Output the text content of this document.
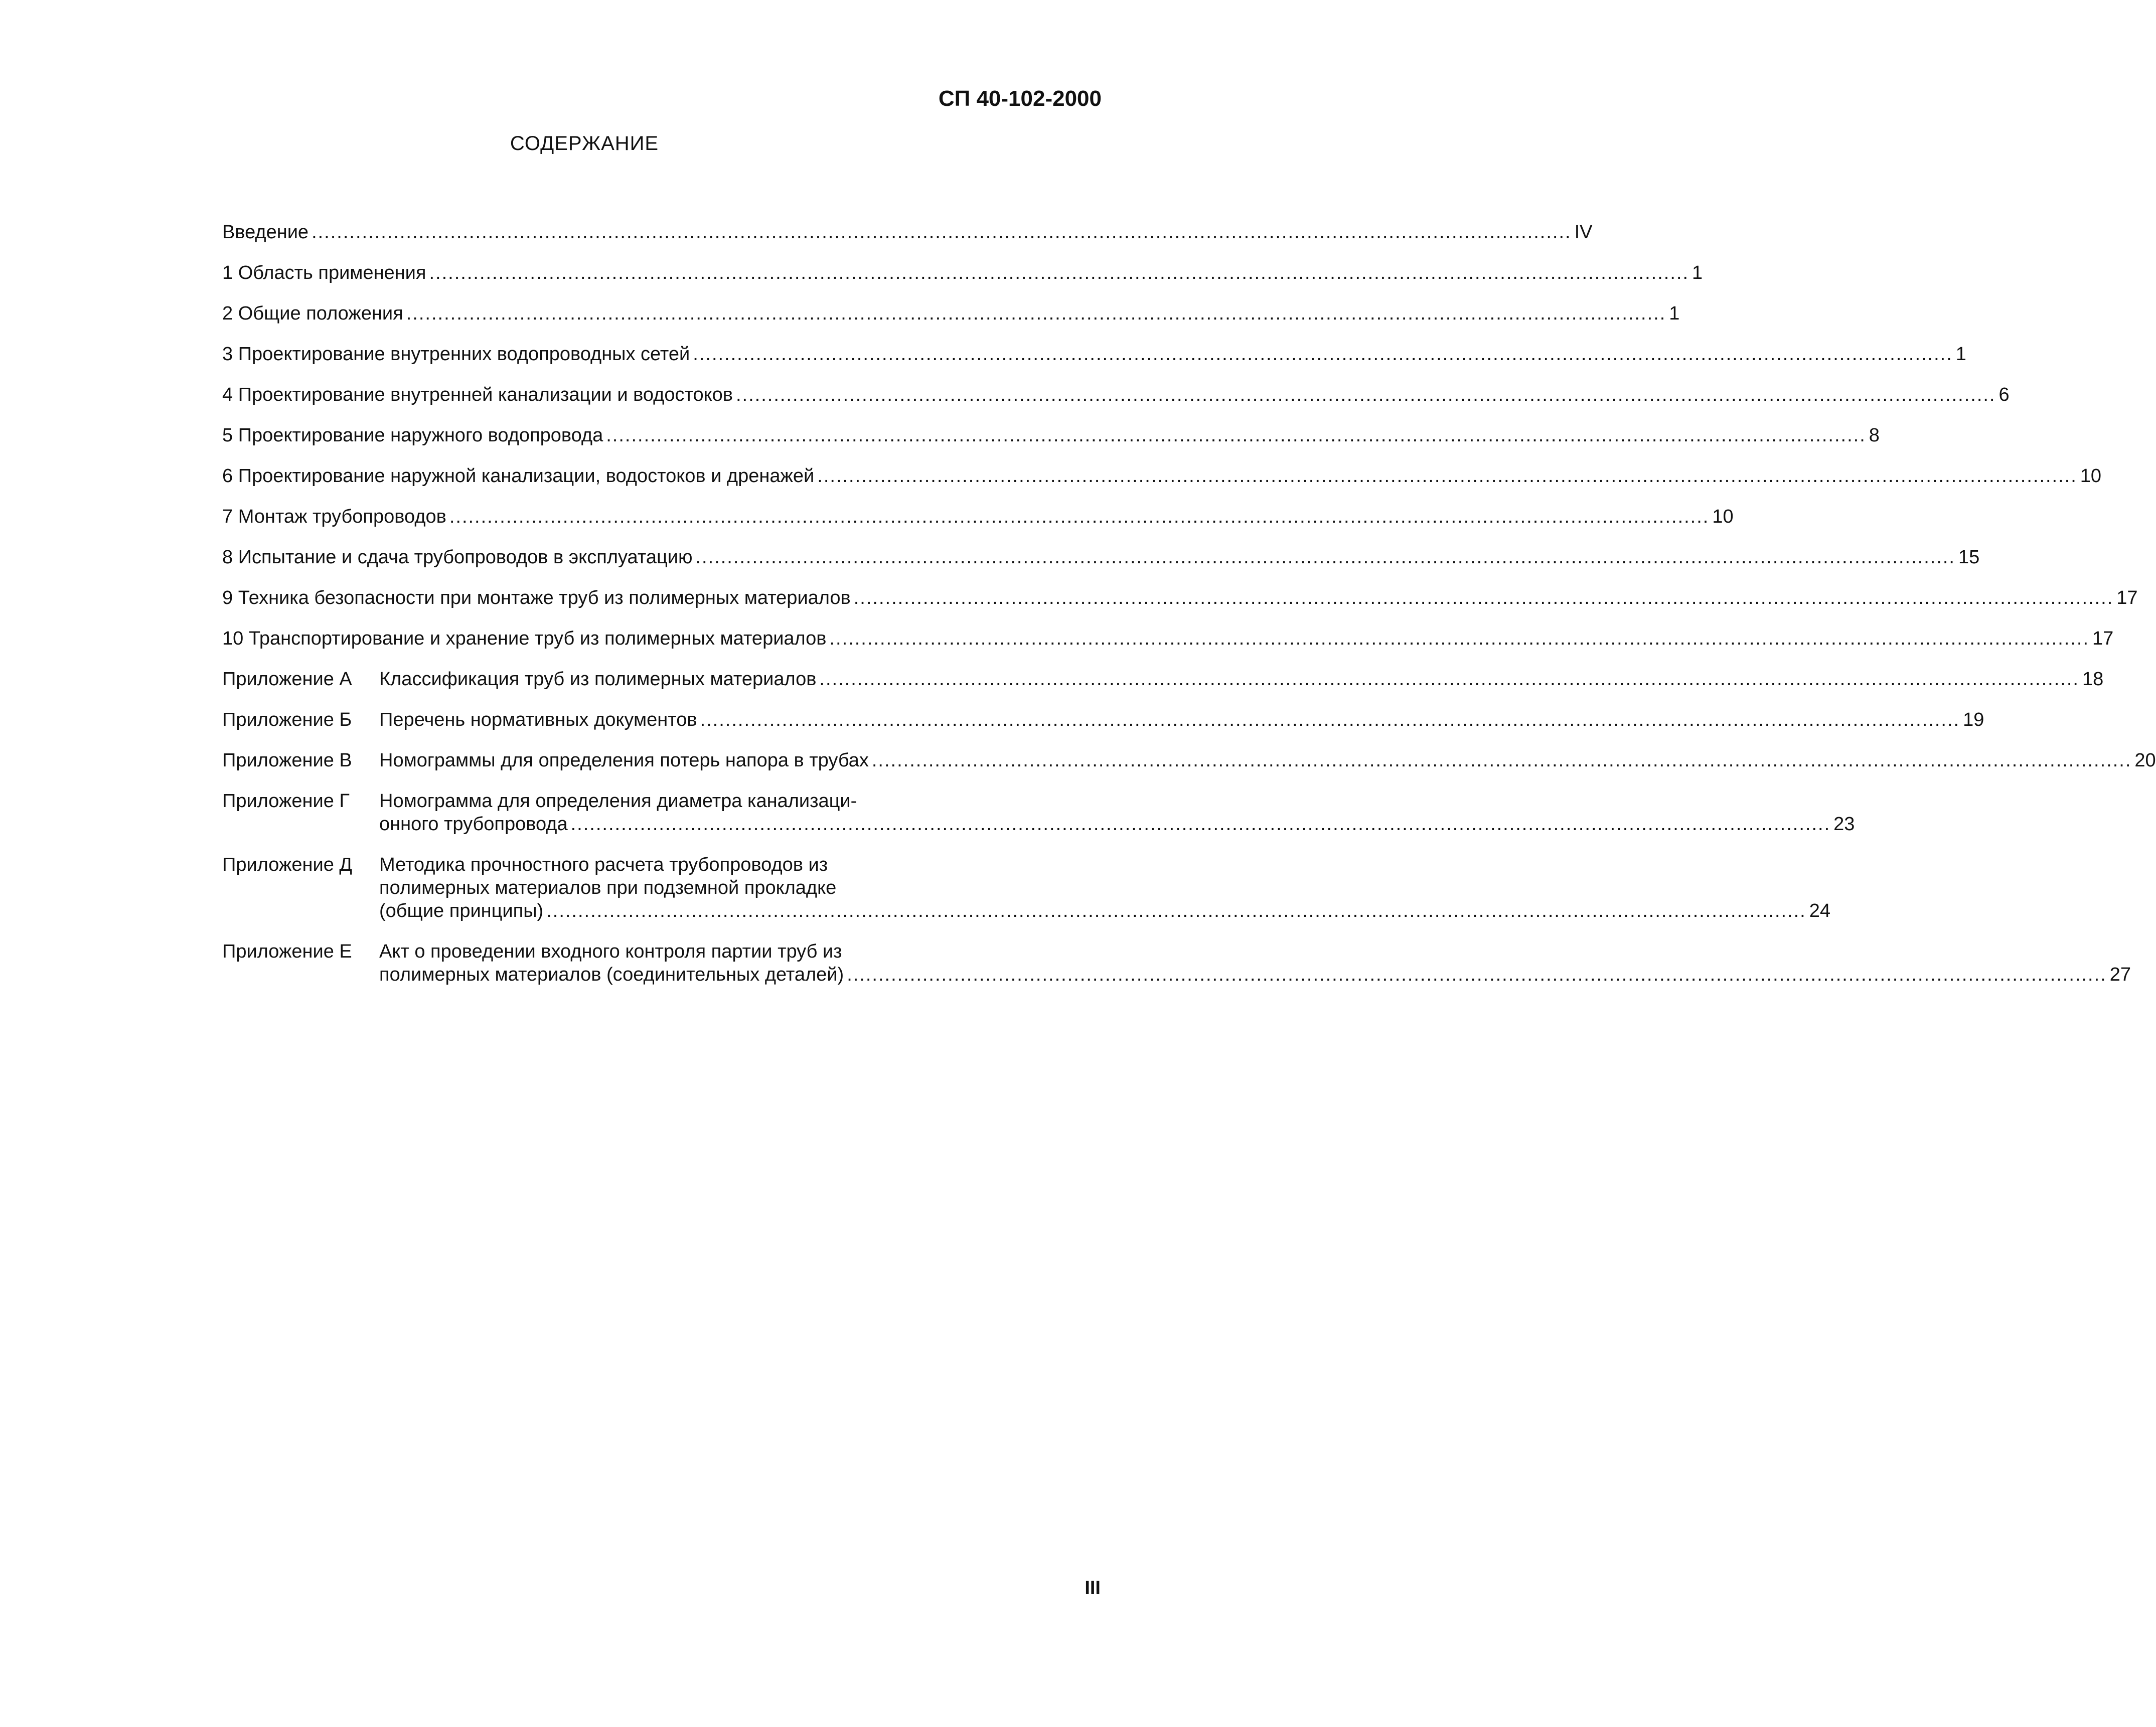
СП 40-102-2000
СОДЕРЖАНИЕ
Введение .....	IV
1 Область применения .....	1
2 Общие положения .....	1
3 Проектирование внутренних водопроводных сетей .....	1
4 Проектирование внутренней канализации и водостоков .....	6
5 Проектирование наружного водопровода .....	8
6 Проектирование наружной канализации, водостоков и дренажей .....	10
7 Монтаж трубопроводов .....	10
8 Испытание и сдача трубопроводов в эксплуатацию .....	15
9 Техника безопасности при монтаже труб из полимерных материалов .....	17
10 Транспортирование и хранение труб из полимерных материалов .....	17
Приложение А	Классификация труб из полимерных материалов .....	18
Приложение Б	Перечень нормативных документов .....	19
Приложение В	Номограммы для определения потерь напора в трубах .....	20
Приложение Г	Номограмма для определения диаметра канализаци-
онного трубопровода .....	23
Приложение Д	Методика прочностного расчета трубопроводов из
полимерных материалов при подземной прокладке
(общие принципы) .....	24
Приложение Е	Акт о проведении входного контроля партии труб из
полимерных материалов (соединительных деталей) .....	27
III
